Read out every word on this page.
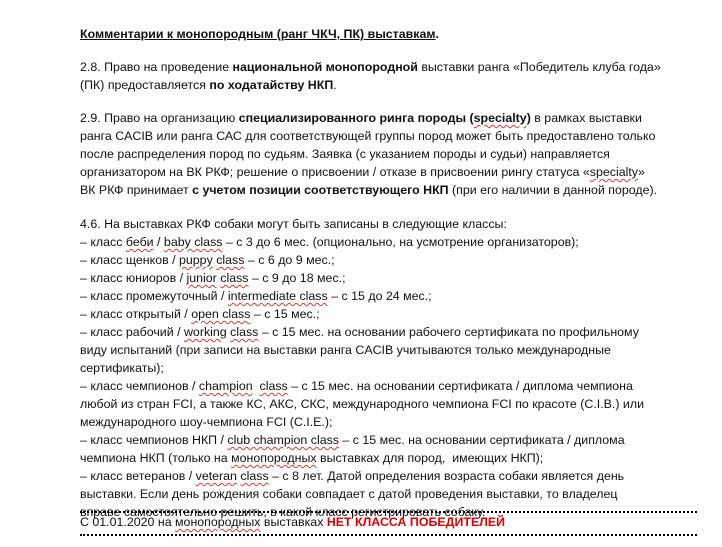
Комментарии к монопородным (ранг ЧКЧ, ПК) выставкам.
2.8. Право на проведение национальной монопородной выставки ранга «Победитель клуба года»
(ПК) предоставляется по ходатайству НКП.
2.9. Право на организацию специализированного ринга породы (specialty) в рамках выставки
ранга CACIB или ранга САС для соответствующей группы пород может быть предоставлено только
после распределения пород по судьям. Заявка (с указанием породы и судьи) направляется
организатором на ВК РКФ; решение о присвоении / отказе в присвоении рингу статуса «specialty»
ВК РКФ принимает с учетом позиции соответствующего НКП (при его наличии в данной породе).
4.6. На выставках РКФ собаки могут быть записаны в следующие классы:
– класс беби / baby class – с 3 до 6 мес. (опционально, на усмотрение организаторов);
– класс щенков / puppy class – с 6 до 9 мес.;
– класс юниоров / junior class – с 9 до 18 мес.;
– класс промежуточный / intermediate class – с 15 до 24 мес.;
– класс открытый / open class – с 15 мес.;
– класс рабочий / working class – с 15 мес. на основании рабочего сертификата по профильному
виду испытаний (при записи на выставки ранга CACIB учитываются только международные
сертификаты);
– класс чемпионов / champion class – с 15 мес. на основании сертификата / диплома чемпиона
любой из стран FCI, а также КС, АКС, СКС, международного чемпиона FCI по красоте (C.I.B.) или
международного шоу-чемпиона FCI (C.I.E.);
– класс чемпионов НКП / club champion class – с 15 мес. на основании сертификата / диплома
чемпиона НКП (только на монопородных выставках для пород,  имеющих НКП);
– класс ветеранов / veteran class – с 8 лет. Датой определения возраста собаки является день
выставки. Если день рождения собаки совпадает с датой проведения выставки, то владелец
вправе самостоятельно решить, в какой класс регистрировать собаку.
С 01.01.2020 на монопородных выставках НЕТ КЛАССА ПОБЕДИТЕЛЕЙ
